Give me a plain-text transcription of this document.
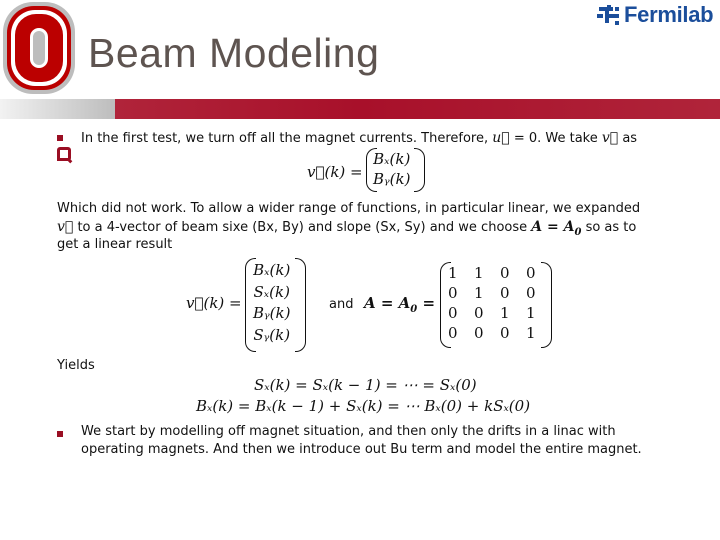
Beam Modeling
Fermilab
In the first test, we turn off all the magnet currents. Therefore, u⃗ = 0. We take v⃗ as
v⃗(k) =
Bₓ(k)
Bᵧ(k)
Which did not work. To allow a wider range of functions, in particular linear, we expanded
v⃗ to a 4-vector of beam sixe (Bx, By) and slope (Sx, Sy) and we choose $A = A_0$ so as to
get a linear result
v⃗(k) =
Bₓ(k)
Sₓ(k)
Bᵧ(k)
Sᵧ(k)
and $A = A_0$ =
1 1 0 0
0 1 0 0
0 0 1 1
0 0 0 1
Yields
Sₓ(k) = Sₓ(k − 1) = ⋯ = Sₓ(0)
Bₓ(k) = Bₓ(k − 1) + Sₓ(k) = ⋯ Bₓ(0) + kSₓ(0)
We start by modelling off magnet situation, and then only the drifts in a linac with
operating magnets. And then we introduce out Bu term and model the entire magnet.
